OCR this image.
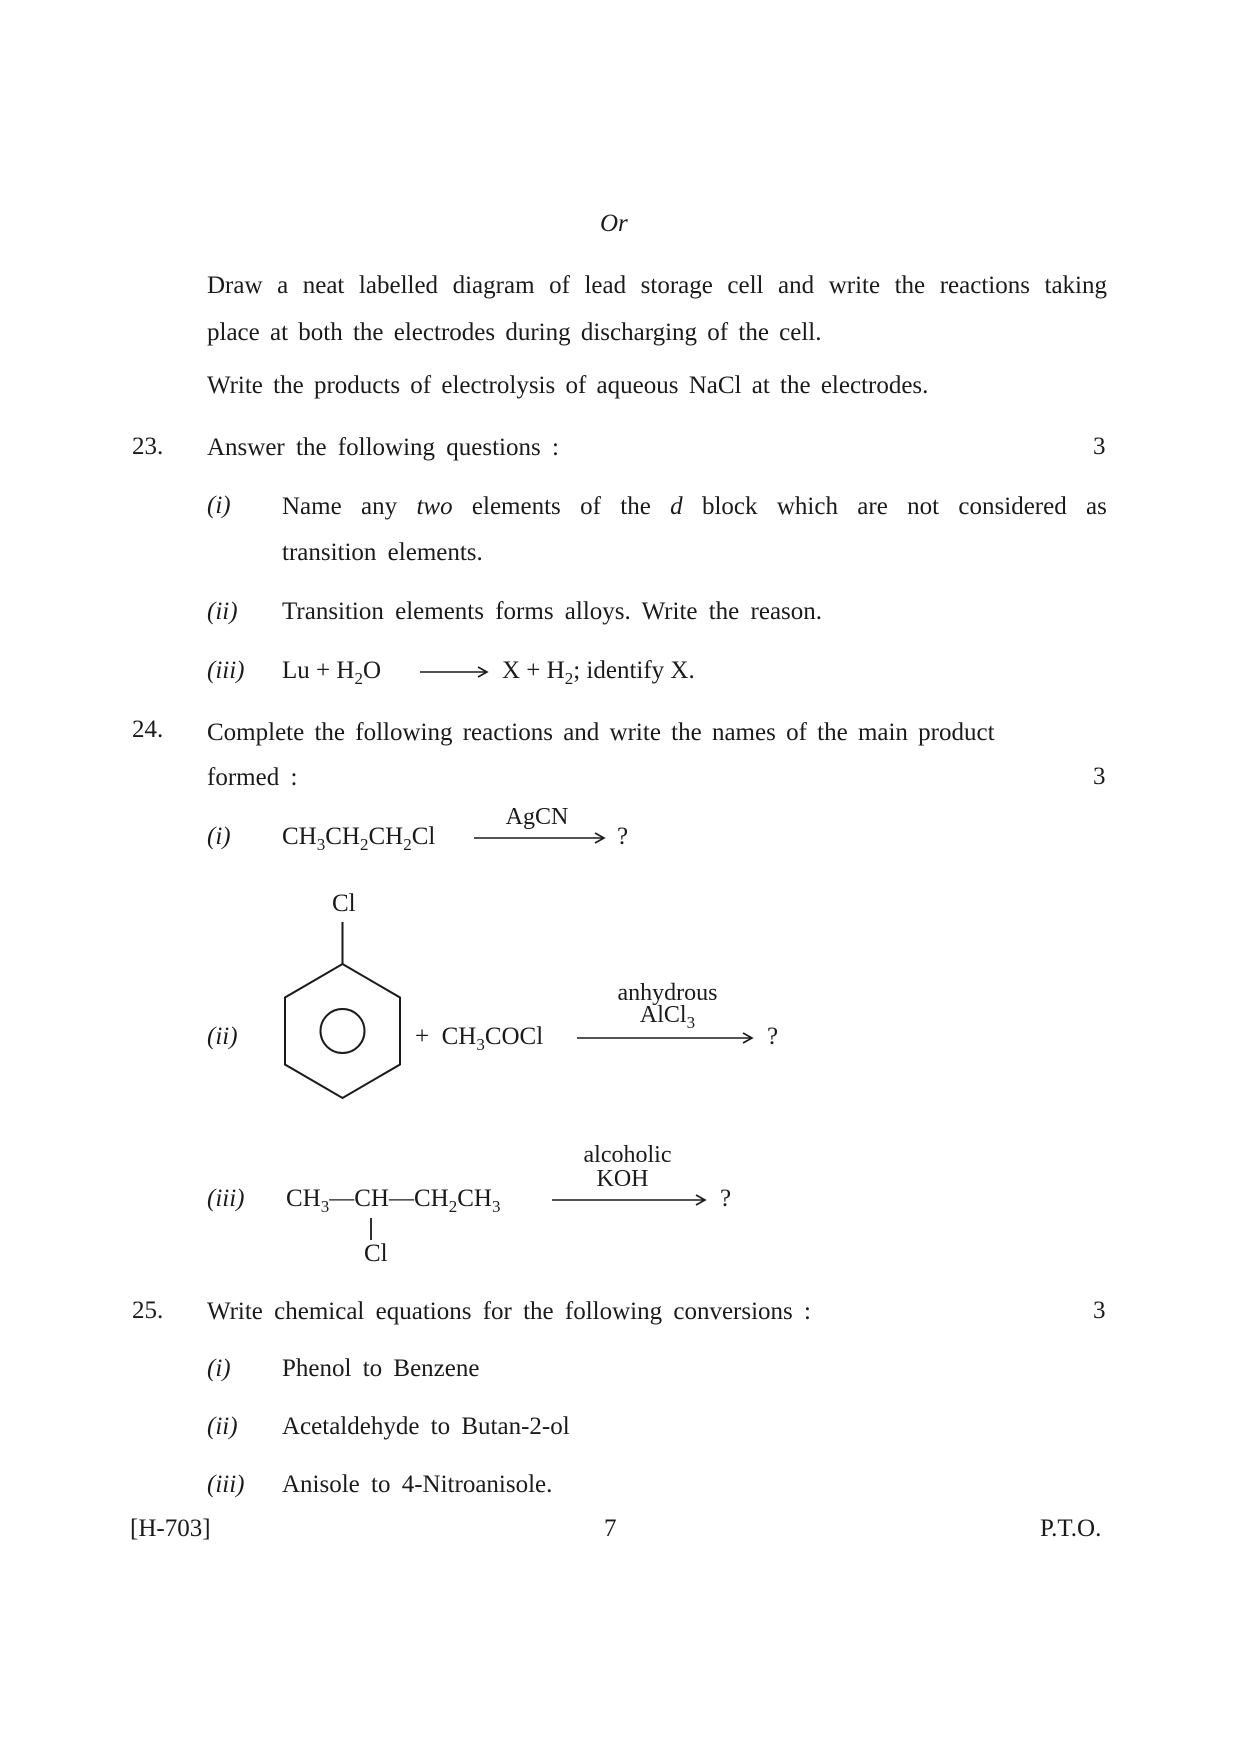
Or
Draw a neat labelled diagram of lead storage cell and write the reactions taking place at both the electrodes during discharging of the cell.
Write the products of electrolysis of aqueous NaCl at the electrodes.
23. Answer the following questions :	3
(i) Name any two elements of the d block which are not considered as
transition elements.
(ii) Transition elements forms alloys. Write the reason.
(iii) $Lu + H_2O$	$X + H_2$; identify X.
24. Complete the following reactions and write the names of the main product
formed :	3
(i) $CH_3CH_2CH_2Cl$
AgCN
?
Cl
(ii)	+  $CH_3COCl$
anhydrous
AlCl$_3$
?
(iii) $CH_3—CH—CH_2CH_3$
Cl
alcoholic
KOH
?
25. Write chemical equations for the following conversions :	3
(i) Phenol to Benzene
(ii) Acetaldehyde to Butan-2-ol
(iii) Anisole to 4-Nitroanisole.
[H-703]	7	P.T.O.
